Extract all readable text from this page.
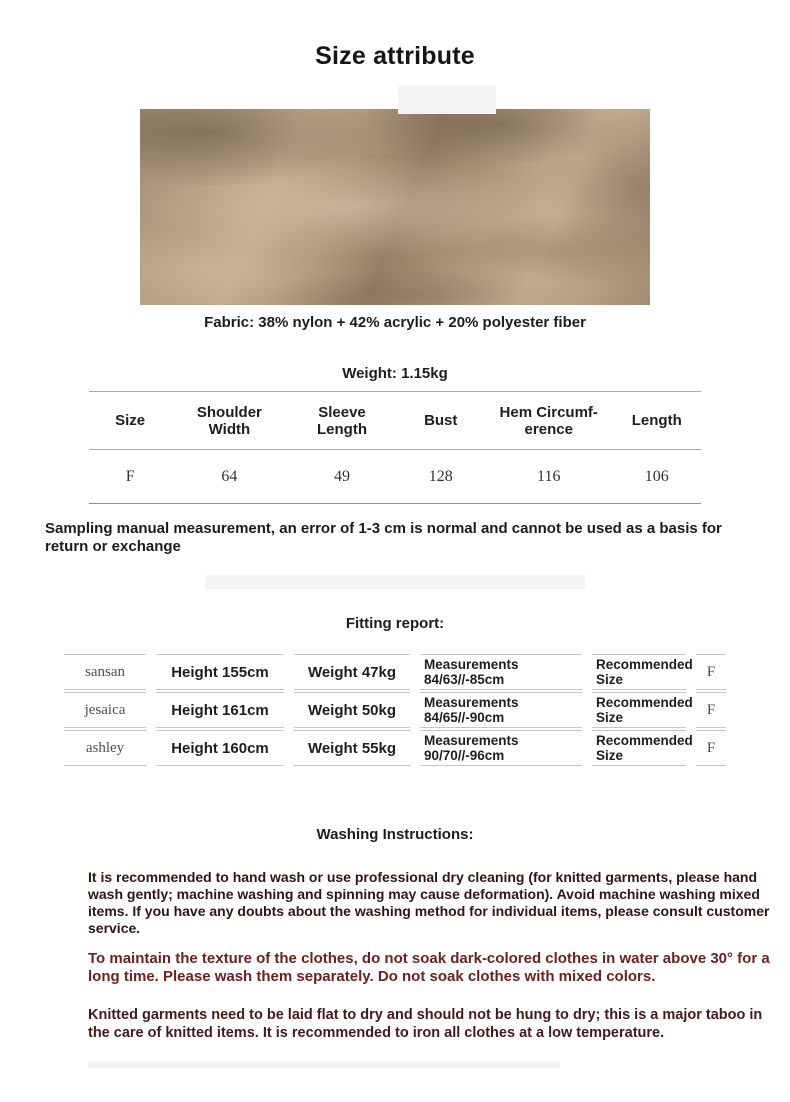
Size attribute
Fabric: 38% nylon + 42% acrylic + 20% polyester fiber
Weight: 1.15kg
Size	Shoulder Width	Sleeve Length	Bust	Hem Circumf-erence	Length
F	64	49	128	116	106
Sampling manual measurement, an error of 1-3 cm is normal and cannot be used as a basis for return or exchange
Fitting report:
sansan	Height 155cm	Weight 47kg	Measurements 84/63//-85cm	Recommended Size	F
jesaica	Height 161cm	Weight 50kg	Measurements 84/65//-90cm	Recommended Size	F
ashley	Height 160cm	Weight 55kg	Measurements 90/70//-96cm	Recommended Size	F
Washing Instructions:
It is recommended to hand wash or use professional dry cleaning (for knitted garments, please hand wash gently; machine washing and spinning may cause deformation). Avoid machine washing mixed items. If you have any doubts about the washing method for individual items, please consult customer service.
To maintain the texture of the clothes, do not soak dark-colored clothes in water above 30° for a long time. Please wash them separately. Do not soak clothes with mixed colors.
Knitted garments need to be laid flat to dry and should not be hung to dry; this is a major taboo in the care of knitted items. It is recommended to iron all clothes at a low temperature.
